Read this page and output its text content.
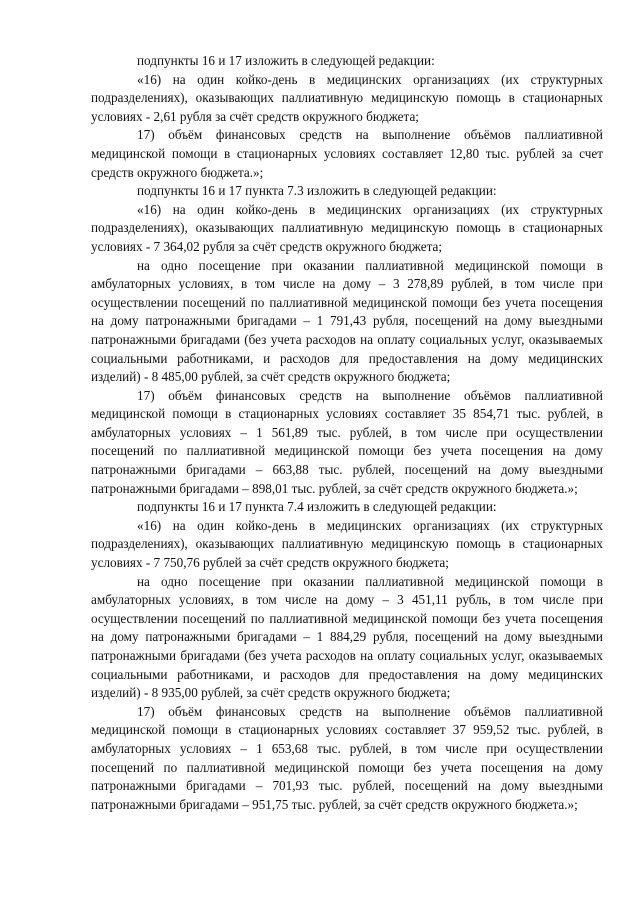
подпункты 16 и 17 изложить в следующей редакции:

«16) на один койко-день в медицинских организациях (их структурных подразделениях), оказывающих паллиативную медицинскую помощь в стационарных условиях - 2,61 рубля за счёт средств окружного бюджета;

17) объём финансовых средств на выполнение объёмов паллиативной медицинской помощи в стационарных условиях составляет 12,80 тыс. рублей за счет средств окружного бюджета.»;

подпункты 16 и 17 пункта 7.3 изложить в следующей редакции:

«16) на один койко-день в медицинских организациях (их структурных подразделениях), оказывающих паллиативную медицинскую помощь в стационарных условиях - 7 364,02 рубля за счёт средств окружного бюджета;

на одно посещение при оказании паллиативной медицинской помощи в амбулаторных условиях, в том числе на дому – 3 278,89 рублей, в том числе при осуществлении посещений по паллиативной медицинской помощи без учета посещения на дому патронажными бригадами – 1 791,43 рубля, посещений на дому выездными патронажными бригадами (без учета расходов на оплату социальных услуг, оказываемых социальными работниками, и расходов для предоставления на дому медицинских изделий) - 8 485,00 рублей, за счёт средств окружного бюджета;

17) объём финансовых средств на выполнение объёмов паллиативной медицинской помощи в стационарных условиях составляет 35 854,71 тыс. рублей, в амбулаторных условиях – 1 561,89 тыс. рублей, в том числе при осуществлении посещений по паллиативной медицинской помощи без учета посещения на дому патронажными бригадами – 663,88 тыс. рублей, посещений на дому выездными патронажными бригадами – 898,01 тыс. рублей, за счёт средств окружного бюджета.»;

подпункты 16 и 17 пункта 7.4 изложить в следующей редакции:

«16) на один койко-день в медицинских организациях (их структурных подразделениях), оказывающих паллиативную медицинскую помощь в стационарных условиях - 7 750,76 рублей за счёт средств окружного бюджета;

на одно посещение при оказании паллиативной медицинской помощи в амбулаторных условиях, в том числе на дому – 3 451,11 рубль, в том числе при осуществлении посещений по паллиативной медицинской помощи без учета посещения на дому патронажными бригадами – 1 884,29 рубля, посещений на дому выездными патронажными бригадами (без учета расходов на оплату социальных услуг, оказываемых социальными работниками, и расходов для предоставления на дому медицинских изделий) - 8 935,00 рублей, за счёт средств окружного бюджета;

17) объём финансовых средств на выполнение объёмов паллиативной медицинской помощи в стационарных условиях составляет 37 959,52 тыс. рублей, в амбулаторных условиях – 1 653,68 тыс. рублей, в том числе при осуществлении посещений по паллиативной медицинской помощи без учета посещения на дому патронажными бригадами – 701,93 тыс. рублей, посещений на дому выездными патронажными бригадами – 951,75 тыс. рублей, за счёт средств окружного бюджета.»;
